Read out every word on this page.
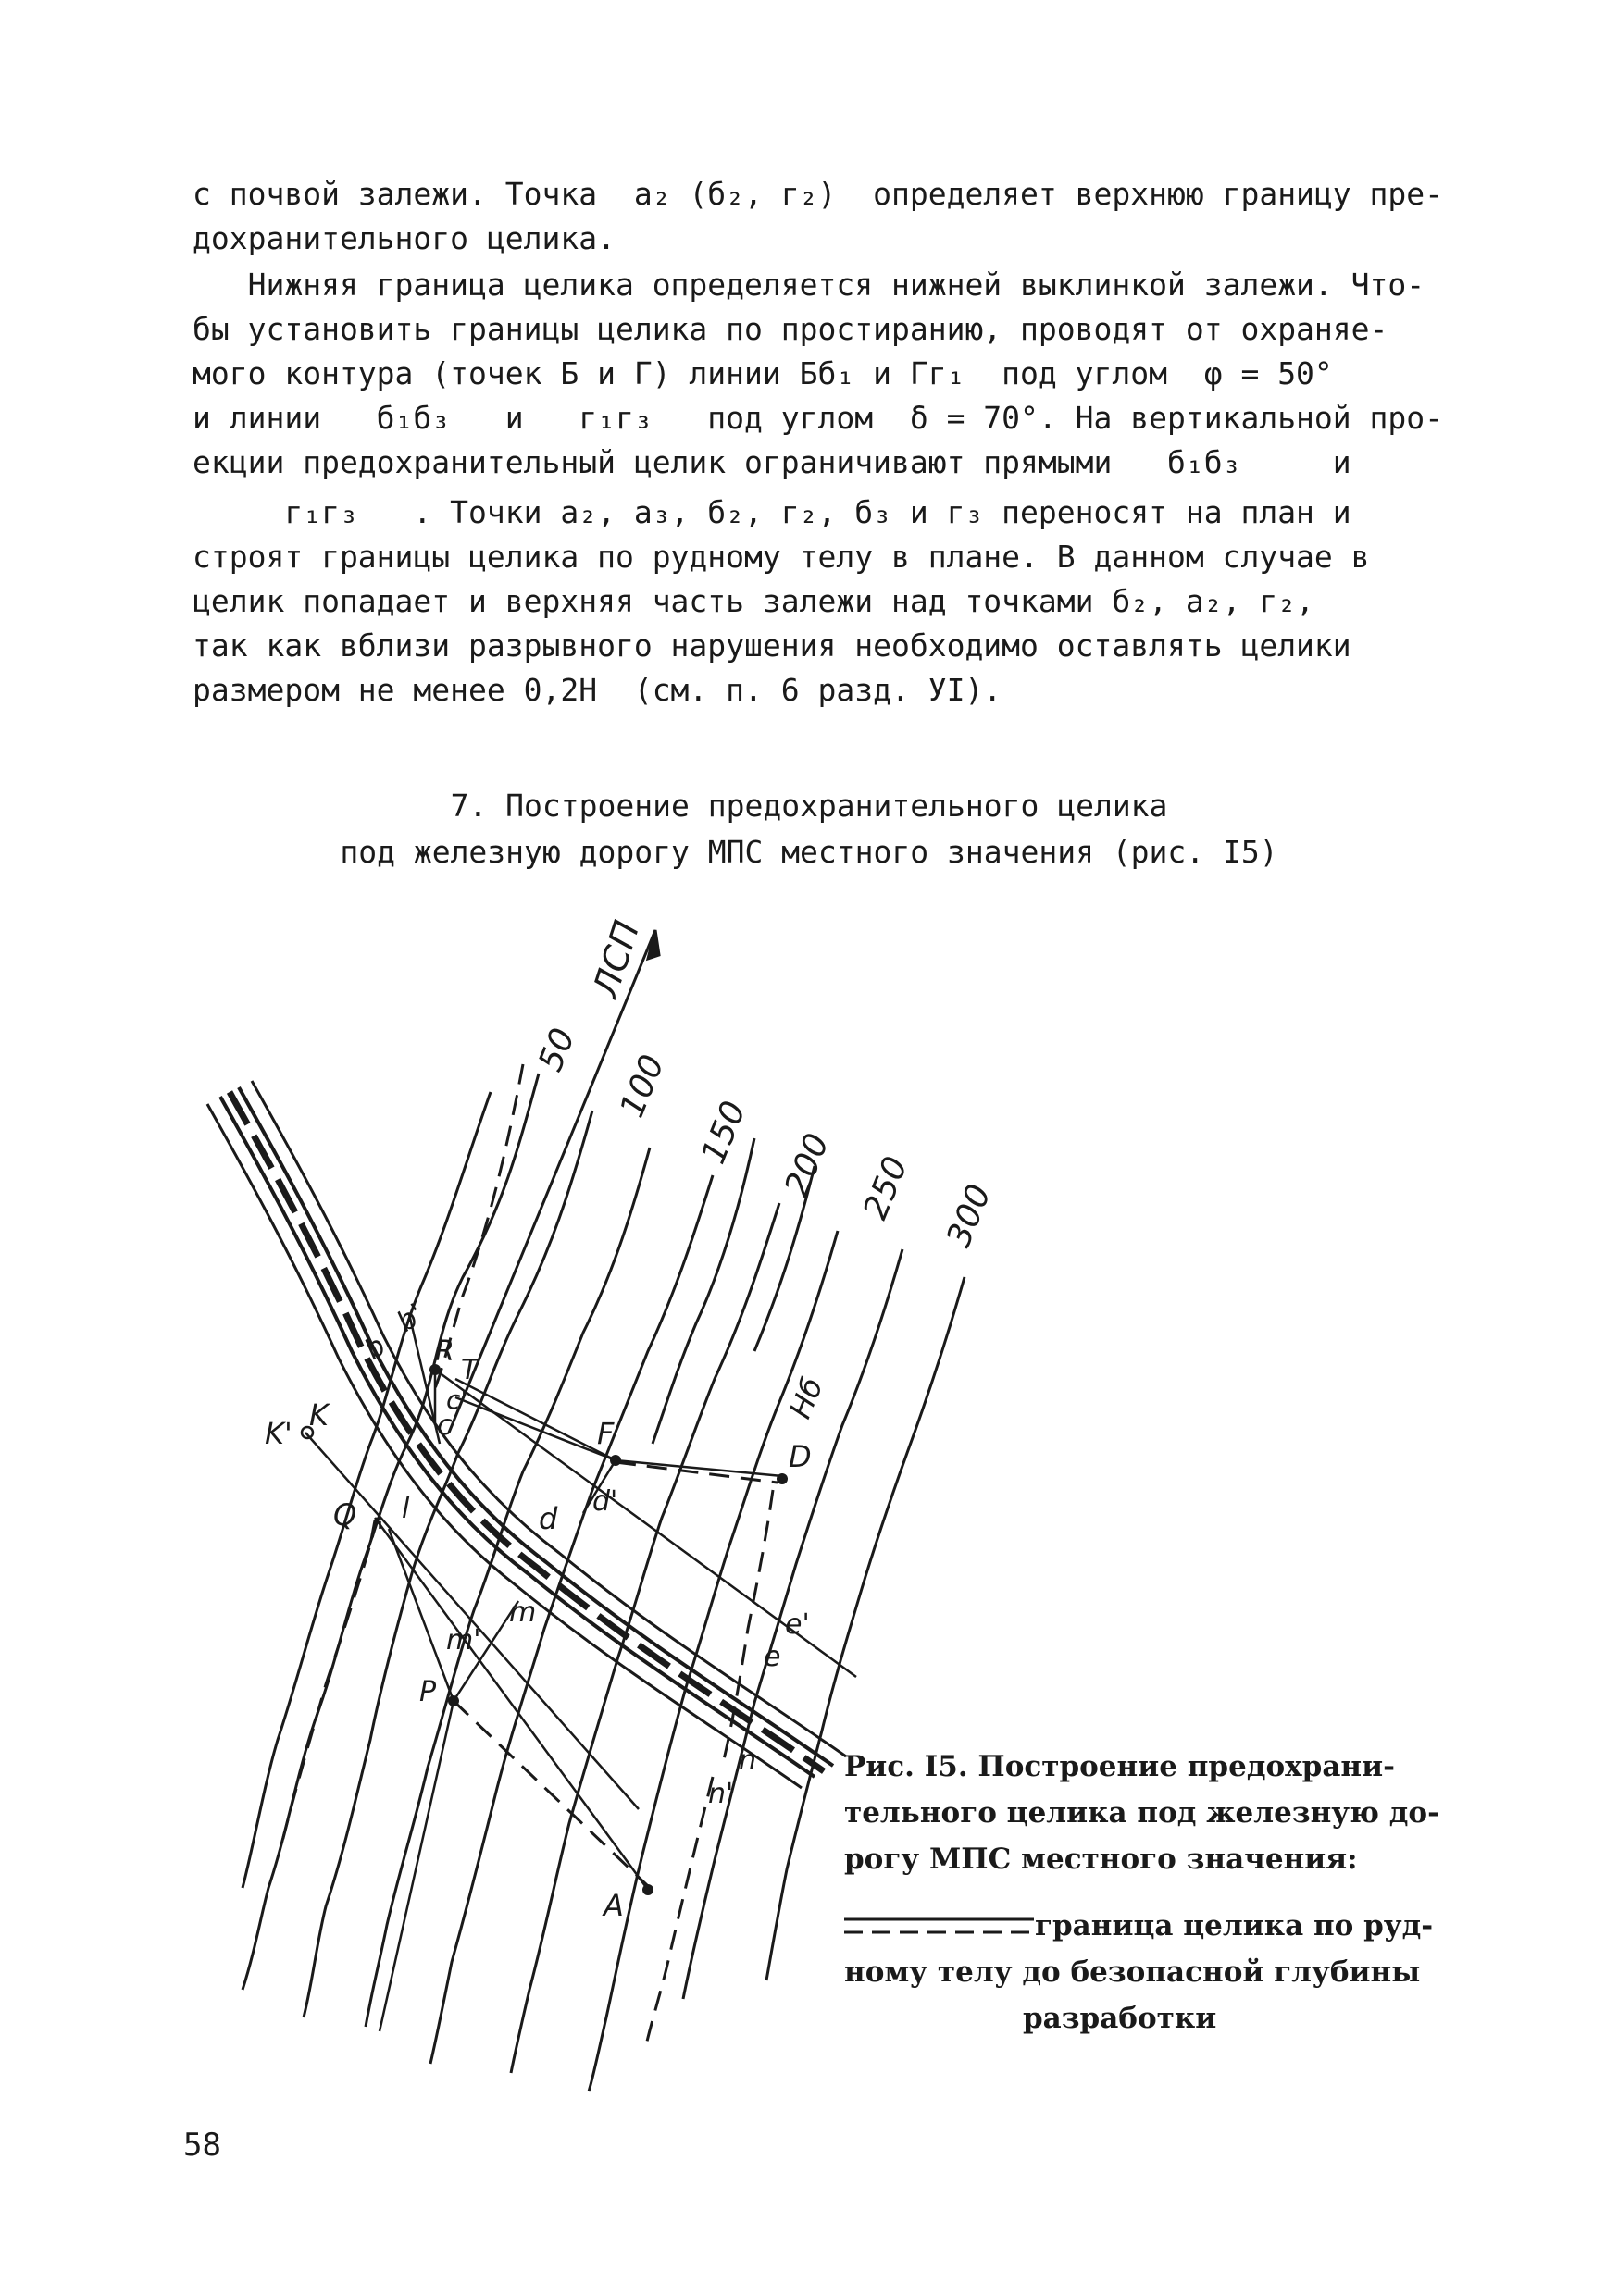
с почвой залежи. Точка  а₂ (б₂, г₂)  определяет верхнюю границу пре-
дохранительного целика.
Нижняя граница целика определяется нижней выклинкой залежи. Что-
бы установить границы целика по простиранию, проводят от охраняе-
мого контура (точек Б и Г) линии Бб₁ и Гг₁  под углом  φ = 50°
и линии   б₁б₃   и   г₁г₃   под углом  δ = 70°. На вертикальной про-
екции предохранительный целик ограничивают прямыми   б₁б₃     и
г₁г₃   . Точки а₂, а₃, б₂, г₂, б₃ и г₃ переносят на план и
строят границы целика по рудному телу в плане. В данном случае в
целик попадает и верхняя часть залежи над точками б₂, а₂, г₂,
так как вблизи разрывного нарушения необходимо оставлять целики
размером не менее 0,2Н  (см. п. 6 разд. УI).
7. Построение предохранительного целика
под железную дорогу МПС местного значения (рис. I5)
ЛСП
50 100
150 200 250 300
Нб
b
b'
R
T
c'
c
K'
K
F
D
d'
d
Q
l'
l
m
m'
P
e'
e
n
n'
A
Рис. I5. Построение предохрани-
тельного целика под железную до-
рогу МПС местного значения:
граница целика по руд-
ному телу до безопасной глубины
разработки
58
